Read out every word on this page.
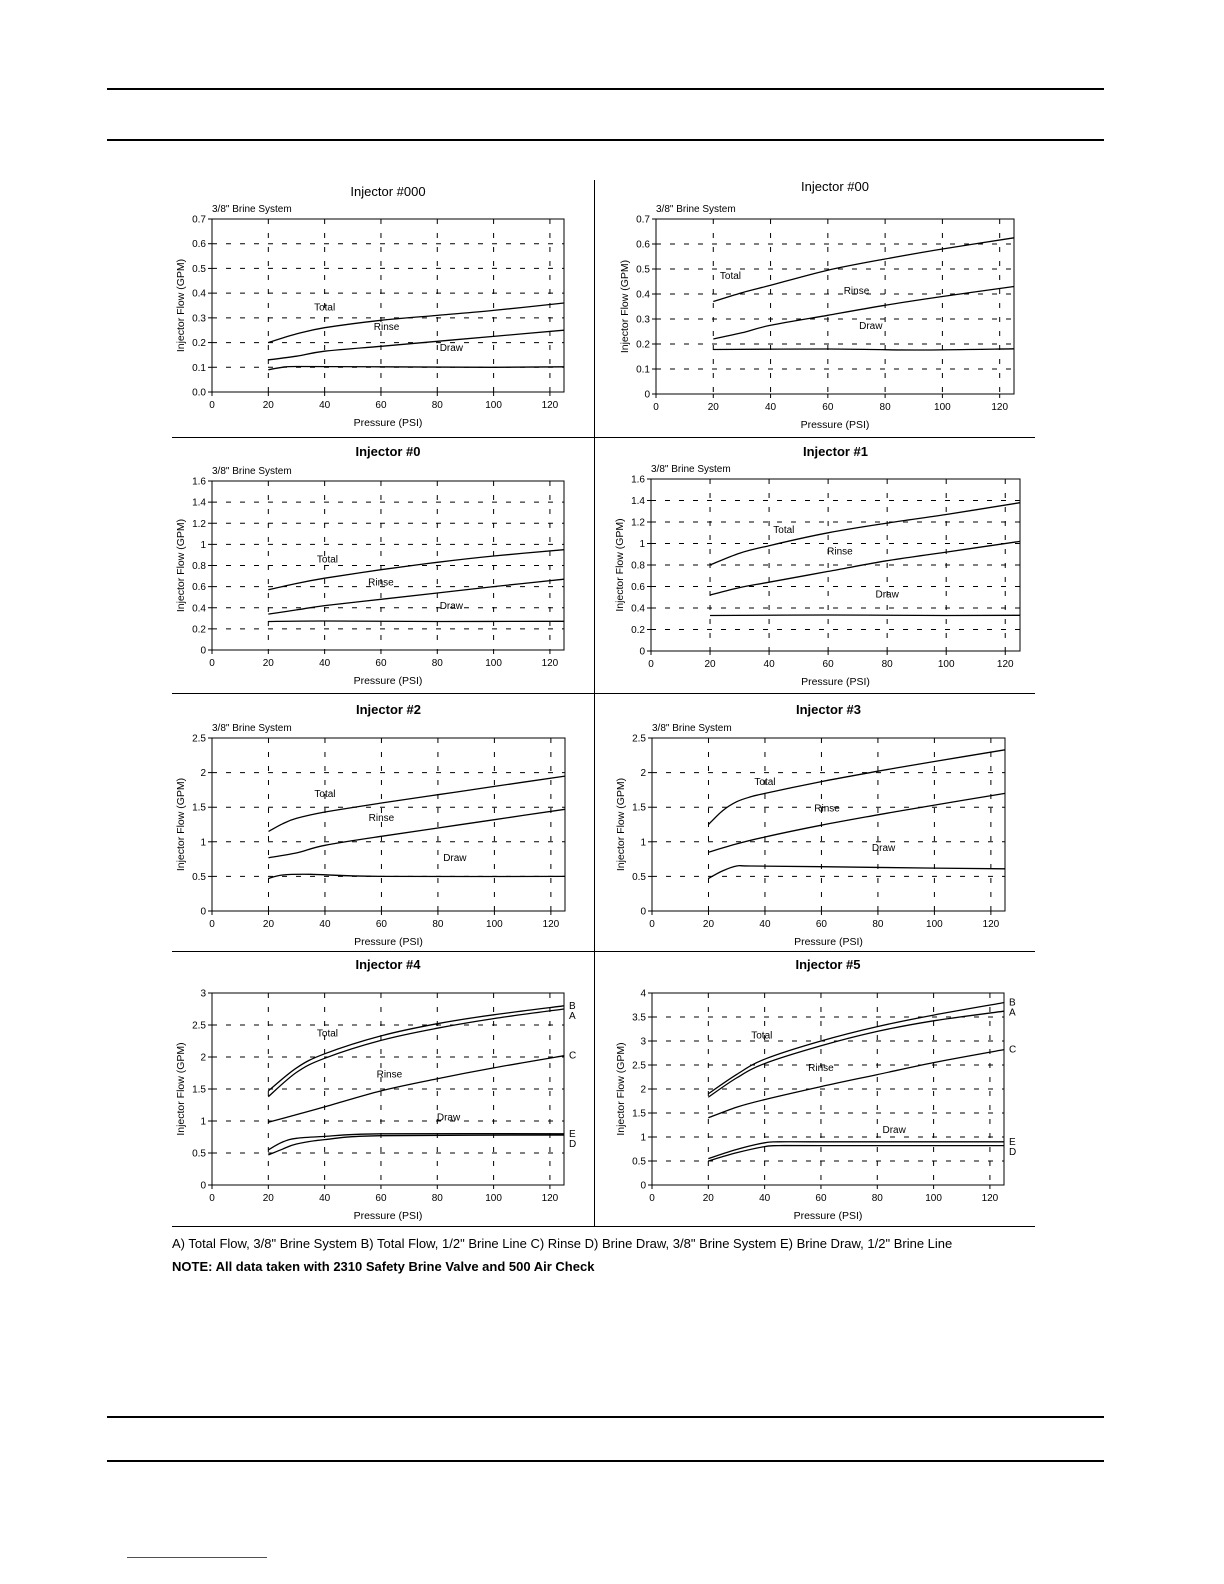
Injector #000
3/8" Brine System
0.0
0.1
0.2
0.3
0.4
0.5
0.6
0.7
0	20	40	60	80	100	120
Pressure (PSI)
Injector Flow (GPM)	Total
Rinse
Draw
Injector #00
3/8" Brine System
0
0.1
0.2
0.3
0.4
0.5
0.6
0.7
0	20	40	60	80	100	120
Pressure (PSI)
Injector Flow (GPM)	Total
Rinse
Draw
Injector #0
3/8" Brine System
0
0.2
0.4
0.6
0.8
1
1.2
1.4
1.6
0	20	40	60	80	100	120
Pressure (PSI)
Injector Flow (GPM)	Total
Rinse
Draw
Injector #1
3/8" Brine System
0
0.2
0.4
0.6
0.8
1
1.2
1.4
1.6
0	20	40	60	80	100	120
Pressure (PSI)
Injector Flow (GPM)	Total
Rinse
Draw
Injector #2
3/8" Brine System
0
0.5
1
1.5
2
2.5
0	20	40	60	80	100	120
Pressure (PSI)
Injector Flow (GPM)	Total
Rinse
Draw
Injector #3
3/8" Brine System
0
0.5
1
1.5
2
2.5
0	20	40	60	80	100	120
Pressure (PSI)
Injector Flow (GPM)	Total
Rinse
Draw
Injector #4
0
0.5
1
1.5
2
2.5
3
0	20	40	60	80	100	120
Pressure (PSI)
Injector Flow (GPM)
Total
Rinse
Draw
B
A
C
E
D
Injector #5
0
0.5
1
1.5
2
2.5
3
3.5
4
0	20	40	60	80	100	120
Pressure (PSI)
Injector Flow (GPM)
Total
Rinse
Draw
B
A
C
E
D
A) Total Flow, 3/8" Brine System B) Total Flow, 1/2" Brine Line C) Rinse D) Brine Draw, 3/8" Brine System E) Brine Draw, 1/2" Brine Line
NOTE: All data taken with 2310 Safety Brine Valve and 500 Air Check
